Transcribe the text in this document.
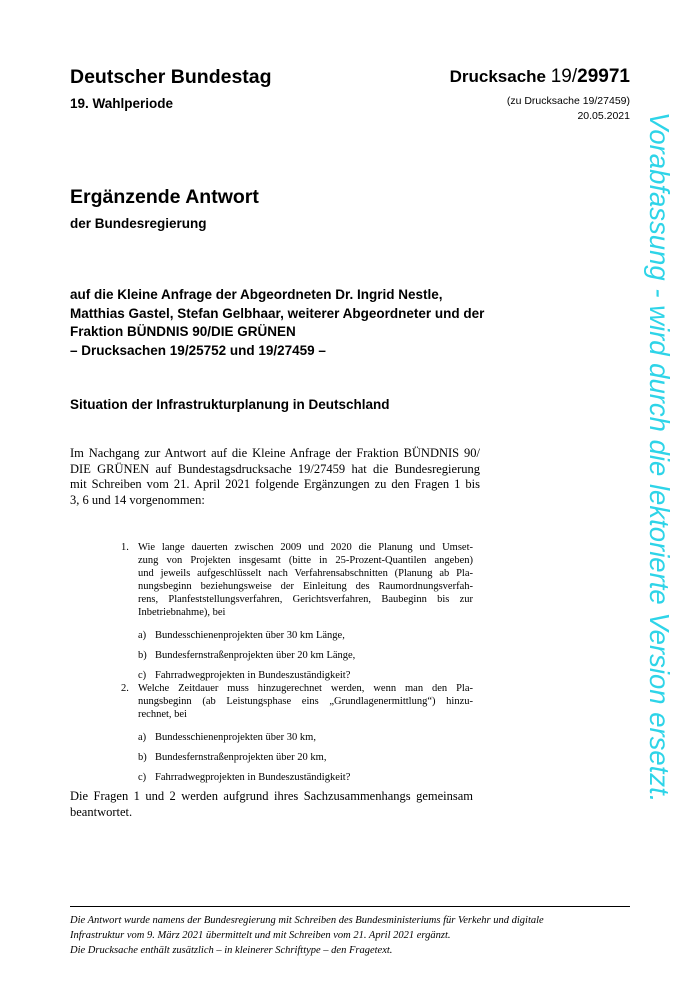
Deutscher Bundestag
19. Wahlperiode
Drucksache 19/29971
(zu Drucksache 19/27459)
20.05.2021
Ergänzende Antwort
der Bundesregierung
auf die Kleine Anfrage der Abgeordneten Dr. Ingrid Nestle,
Matthias Gastel, Stefan Gelbhaar, weiterer Abgeordneter und der
Fraktion BÜNDNIS 90/DIE GRÜNEN
– Drucksachen 19/25752 und 19/27459 –
Situation der Infrastrukturplanung in Deutschland
Im Nachgang zur Antwort auf die Kleine Anfrage der Fraktion BÜNDNIS 90/
DIE GRÜNEN auf Bundestagsdrucksache 19/27459 hat die Bundesregierung
mit Schreiben vom 21. April 2021 folgende Ergänzungen zu den Fragen 1 bis
3, 6 und 14 vorgenommen:
1. Wie lange dauerten zwischen 2009 und 2020 die Planung und Umset-
zung von Projekten insgesamt (bitte in 25-Prozent-Quantilen angeben)
und jeweils aufgeschlüsselt nach Verfahrensabschnitten (Planung ab Pla-
nungsbeginn beziehungsweise der Einleitung des Raumordnungsverfah-
rens, Planfeststellungsverfahren, Gerichtsverfahren, Baubeginn bis zur
Inbetriebnahme), bei
a) Bundesschienenprojekten über 30 km Länge,
b) Bundesfernstraßenprojekten über 20 km Länge,
c) Fahrradwegprojekten in Bundeszuständigkeit?
2. Welche Zeitdauer muss hinzugerechnet werden, wenn man den Pla-
nungsbeginn (ab Leistungsphase eins „Grundlagenermittlung“) hinzu-
rechnet, bei
a) Bundesschienenprojekten über 30 km,
b) Bundesfernstraßenprojekten über 20 km,
c) Fahrradwegprojekten in Bundeszuständigkeit?
Die Fragen 1 und 2 werden aufgrund ihres Sachzusammenhangs gemeinsam
beantwortet.
Die Antwort wurde namens der Bundesregierung mit Schreiben des Bundesministeriums für Verkehr und digitale
Infrastruktur vom 9. März 2021 übermittelt und mit Schreiben vom 21. April 2021 ergänzt.
Die Drucksache enthält zusätzlich – in kleinerer Schrifttype – den Fragetext.
Vorabfassung - wird durch die lektorierte Version ersetzt.
